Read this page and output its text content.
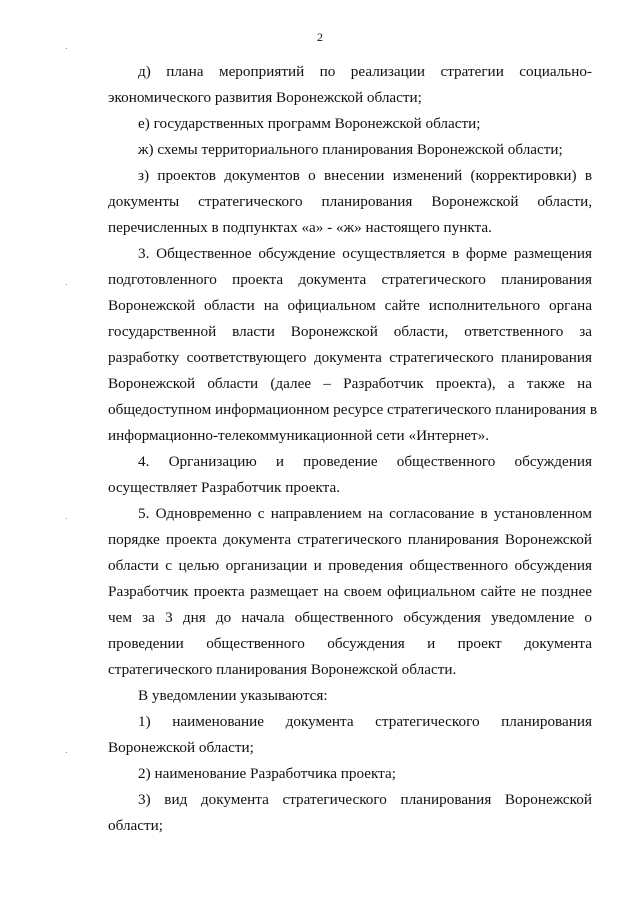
2
д) плана мероприятий по реализации стратегии социально-
экономического развития Воронежской области;
е) государственных программ Воронежской области;
ж) схемы территориального планирования Воронежской области;
з) проектов документов о внесении изменений (корректировки) в
документы стратегического планирования Воронежской области,
перечисленных в подпунктах «а» - «ж» настоящего пункта.
3. Общественное обсуждение осуществляется в форме размещения
подготовленного проекта документа стратегического планирования
Воронежской области на официальном сайте исполнительного органа
государственной власти Воронежской области, ответственного за
разработку соответствующего документа стратегического планирования
Воронежской области (далее – Разработчик проекта), а также на
общедоступном информационном ресурсе стратегического планирования в
информационно-телекоммуникационной сети «Интернет».
4. Организацию и проведение общественного обсуждения
осуществляет Разработчик проекта.
5. Одновременно с направлением на согласование в установленном
порядке проекта документа стратегического планирования Воронежской
области с целью организации и проведения общественного обсуждения
Разработчик проекта размещает на своем официальном сайте не позднее
чем за 3 дня до начала общественного обсуждения уведомление о
проведении общественного обсуждения и проект документа
стратегического планирования Воронежской области.
В уведомлении указываются:
1) наименование документа стратегического планирования
Воронежской области;
2) наименование Разработчика проекта;
3) вид документа стратегического планирования Воронежской
области;
